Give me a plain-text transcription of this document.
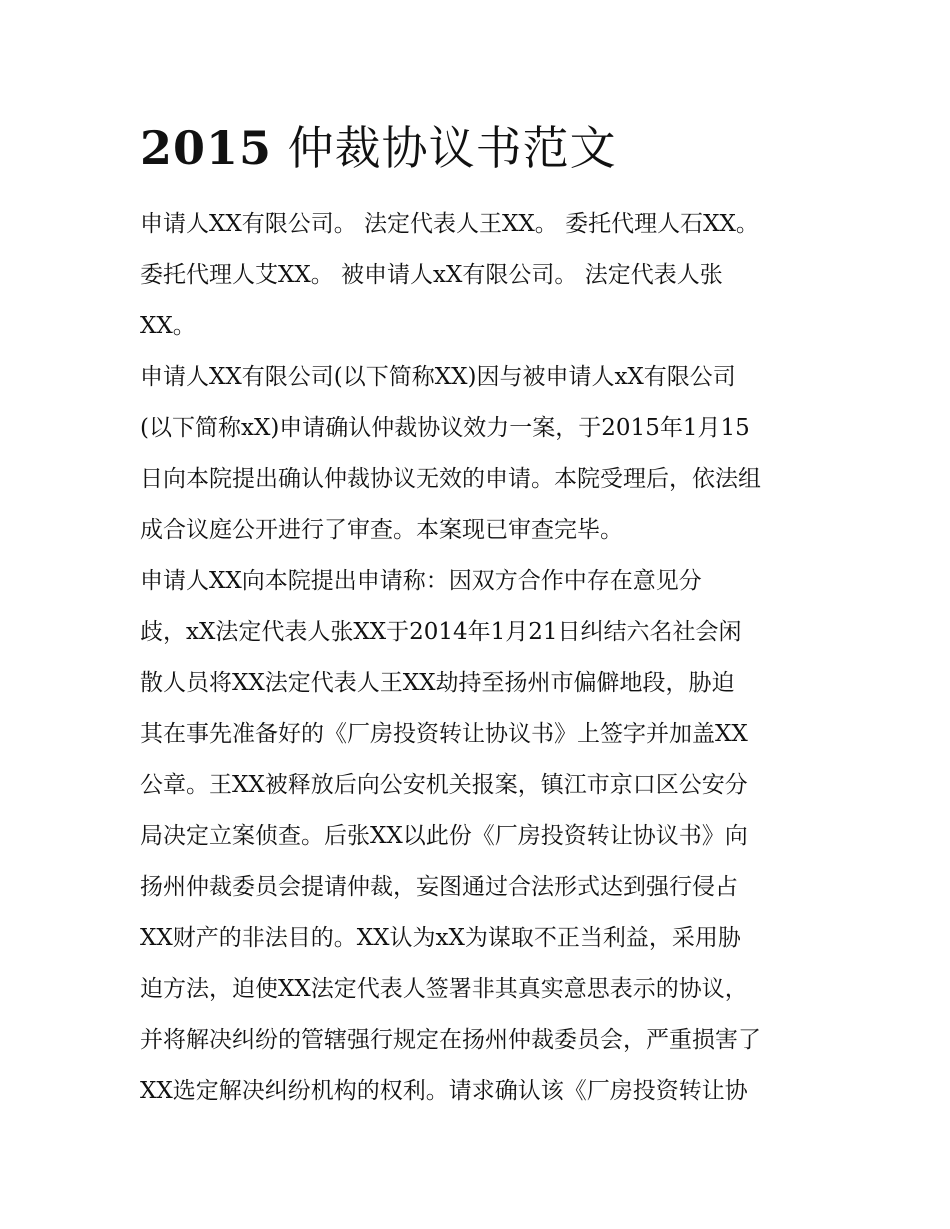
2015 仲裁协议书范文
申请人XX有限公司。 法定代表人王XX。 委托代理人石XX。
委托代理人艾XX。 被申请人xX有限公司。 法定代表人张
XX。
申请人XX有限公司(以下简称XX)因与被申请人xX有限公司
(以下简称xX)申请确认仲裁协议效力一案，于2015年1月15
日向本院提出确认仲裁协议无效的申请。本院受理后，依法组
成合议庭公开进行了审查。本案现已审查完毕。
申请人XX向本院提出申请称：因双方合作中存在意见分
歧，xX法定代表人张XX于2014年1月21日纠结六名社会闲
散人员将XX法定代表人王XX劫持至扬州市偏僻地段，胁迫
其在事先准备好的《厂房投资转让协议书》上签字并加盖XX
公章。王XX被释放后向公安机关报案，镇江市京口区公安分
局决定立案侦查。后张XX以此份《厂房投资转让协议书》向
扬州仲裁委员会提请仲裁，妄图通过合法形式达到强行侵占
XX财产的非法目的。XX认为xX为谋取不正当利益，采用胁
迫方法，迫使XX法定代表人签署非其真实意思表示的协议，
并将解决纠纷的管辖强行规定在扬州仲裁委员会，严重损害了
XX选定解决纠纷机构的权利。请求确认该《厂房投资转让协
